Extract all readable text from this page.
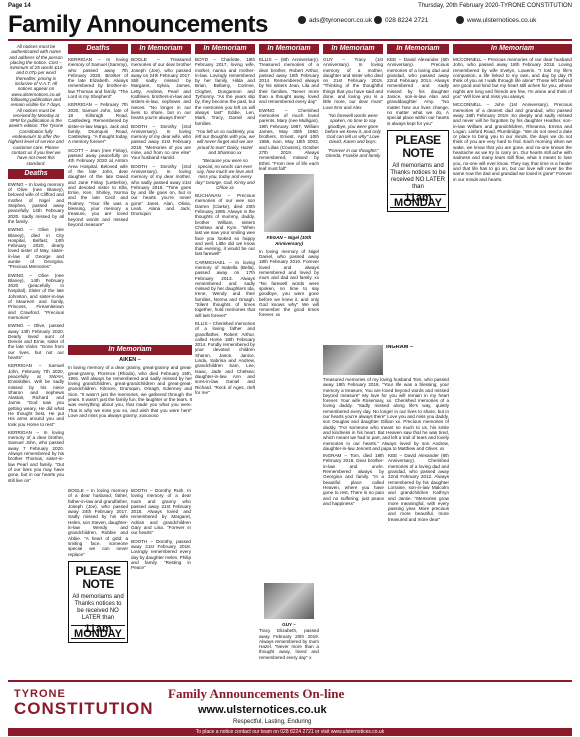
Page 14	Thursday, 20th February 2020-TYRONE CONSTITUTION
Family Announcements	ads@tyronecon.co.uk 028 8224 2721	www.ulsternotices.co.uk

All notices must be authenticated with name and address of the person placing the notice. Cost – minimum of 25 words £10 and 0.07p per word thereafter, pricing is inclusive of V.A.T. All notices appear on www.ulsternotices.co.uk following publication and remain visible for 7 days. All notices must be received by Monday at 5PM for publication in the week's edition. The Tyrone Constitution fully endeavours to offer the highest level of service and customer care. Please contact us if you feel we have not meet this standard.

Deaths

EWING – In loving memory of Olive (nee Blaney), beloved wife of Clifford and mother of Nigel and Stephen, passed away peacefully 14th February 2020. Sadly missed by all the family.

EWING – Olive (née Blaney), died in City Hospital, Belfast, 14th February 2020, dearly loved sister of May, sister-in-law of George and auntie of Georgina. "Precious Memories"

EWING – Olive (nee Blaney), 14th February 2020 (peacefully in hospital). Sister of the late Johnston, and sister-in-law of Maureen and family, Princess, Fireamletown and Crawford. "Precious memories"

EWING – Olive, passed away 14th February 2020. Dearly loved aunt of Dennis and Ernie, sister of the late Violet. "Gone from our lives, but not our hearts"

KERRIGAN – Samuel John, February 7th 2020, peacefully at SWAH, Enniskillen. Will be sadly missed by his niece Sharon and nephews Alastair, Richard and Jamie. "God saw you getting weary, He did what He thought best, He put His arms around you and took you Home to rest"

KERRIGAN – In loving memory of a dear brother, Samuel John, who passed away 7 February 2020. Always remembered by his brother Thomas, sister-in-law Pearl and family. "Out of our lives you may have gone, but in our hearts you still live on"

Deaths

KERRIGAN – In loving memory of Samuel (Sammy), who passed away 7th February 2020. Brother of the late Elizabeth. Always remembered by brother-in-law Thomas and family. "The Lord is my Shepherd"

KERRIGAN – February 7th 2020, Samuel John, late of 18 Killoragh Road, Castlederg. Remembered by sister-in-law Margo, Jack and family, Drumquin Road, Castlederg. "A thought today, A memory forever"

SCOTT – Jean (nee Finlay), passed away peacefully on 4th February 2020 at Antrim Area Hospital. Beloved wife of the late John, dear daughter of the late David and Jane Finlay (Letterbin), and devoted sister to Ella, Ernie, Ken, Shirley, Norma and the late Cecil and Rodney. "Your life was a blessing, your memory a treasure, you are loved beyond words and missed beyond measure"

In Memoriam

BOGLE – Treasured memories of our dear brother Joseph (Joe), who passed away on 24th February 2017. Still sadly missed by Margaret, Sylvia, James, Letty, Andrew, Pearl and Kathleen, brothers-in-law and sisters-in-law, nephews and nieces. "No longer in our lives to share, but in our hearts you're always there"

BOOTH – Dorothy (2nd Anniversary). In loving memory of my dear wife, who passed away 21st February 2018. "Memories of you are mine, and from no one else" Your husband Harold.

BOOTH – Dorothy (2nd Anniversary). In loving memory of my dear mother, who sadly passed away 21st February 2018. "Time goes by and life goes on, but in our hearts you're never gone" Janet, Alan, Olivia, Leah, Alana and Jack, Drumquin

In Memoriam
AIKEN –

In loving memory of a dear granny, great-granny and great-great-granny, Florence (Rhoda), who died February 15th, 1991. Will always be remembered and sadly missed by her loving grandchildren, great-grandchildren and great-great-grandchildren. Kilmore, Drumquin, Omagh, Edenney and Sion. "It wasn't just the memories, we gathered through the years. It wasn't just the family fun, the laughter or the tears. It was everything about you, that made you what you were. That is why we miss you so, and wish that you were here" Love and miss you always granny, xoxoxoxo

BOGLE – In loving memory of a dear husband, father, father-in-law and grandfather, Joseph (Joe), who passed away 24th February 2017. Sadly missed by his wife Helen, son Steven, daughter-in-law Wendy and grandchildren, Robbie and Abbie. "A heart of gold, a smiling face, someone special we can never replace"

PLEASE NOTE
All memoriams and Thanks notices to be received NO LATER than
11am MONDAY

BOOTH – Dorothy Ruth. In loving memory of a dear mum and granny who passed away 21st February 2018. Always loved and remembered by Margaret, Adrian and grandchildren Gary and Lisa. "Forever in our hearts"

BOOTH – Dorothy, passed away 21st February 2018. Lovingly remembered every day by daughter Helen, Philip and family. "Resting in Peace"

In Memoriam

BOYD – Charlotte, 18th February 2017, loving wife, mother, nanna and mother-in-law. Lovingly remembered by her family, Hilda and Brian, Bellamy, Corinne, Clogher, Dungannon and Tyrhonny. "As the years slip by, they become the past, but the memories you left us will always last" Eddie, Len, Mark, Tracy, Daniel and families.

"You left us so suddenly, you left our thoughts with you, we will never forget and we are proud to own" Daisy, Hazel and Shannon xx

"Because you were so special, no words can ever say, how much we love and miss you, today and every day" George, Gail, Kirsty and Chloe xx

BUCHANAN – Precious memories of our wee son Darren (Clarke), died 20th February 1985. Always in the thoughts of mummy, daddy, brother William, sisters Chelsea and Kym. "When last we saw your smiling wee face you looked so happy and well. Little did we know that evening, it would be our last farewell"

CARMICHAEL – In loving memory of Isabella (Bella), passed away on 17th February 2013. Always remembered and sadly missed by her daughters Ida, Irene, Wendy and their families, Norma and Omagh. "Silent thoughts of times together, hold memories that will last forever"

ELLIS – Cherished memories of a loving father and grandfather, Robert Arthur, called Home 18th February 2014. Fondly remembered by your devoted children Sharon, Jason, Janice, Linda, Sabrina and Andrew, grandchildren Sam, Lee, Isaac, Jade and Chelsea; daughter-in-law Ann and sons-in-law Daniel and Richard. "Rock of Ages, cleft for me"

In Memoriam

ELLIS – (6th Anniversary). Treasured memories of a dear brother, Robert Arthur, passed away 18th February 2014. Remembered always by his sisters Jean, Lila and their families. "Never more than a thought away, loved and remembered every day"

EWING – Cherished memories of much loved parents, Mary (nee Mulligan), 19th February 1987, William James, May 30th 1950, brothers, Ernest, April 10th 1986, Ivan, May 18th 2003, and Lilias (Cousins), October 27th 2019. Always remembered, missed by Ethel. "From tree of life each leaf must fall"

FEGAN – Nigel (10th Anniversary)

In loving memory of Nigel Daniel, who passed away 18th February 2010. Forever loved and always remembered and loved by mum and dad and family. xx "No farewell words were spoken, no time to say goodbye, you were gone before we knew it, and only God knows why" We will remember the good times forever. xx

In Memoriam

GUY – Tracy (1st Anniversary). In loving memory of a mother, daughter and sister who died on 21st February 2019. "Thinking of the thoughtful things that you have said and done, and loving you is a little more, our dear mum" Love Emr and Alex

"No farewell words were spoken, no time to say goodbye, you were gone before we knew it, and only God can tell us why" Love David, Karen and boys.

"Forever in our thoughts" Glenda, Frankie and family

In Memoriam

KEE – David Alexander (6th Anniversary). Precious memories of a loving dad and grandad, who passed away 22nd February 2014. Always remembered and sadly missed by his daughter Janice, son-in-law Alan and granddaughter Amy. "No matter how our lives change, no matter what we do, A special place within our hearts is always kept for you"

PLEASE NOTE
All memoriams and Thanks notices to be received NO LATER than
11am MONDAY
In Memoriam

MCCONNELL – Precious memories of our dear husband John, who passed away 18th February 2018. Loving remembered by wife Evelyn, Lowerin. "I lost my life's companion, a life linked to my own, and day by day I'll think of you as I walk through life alone" Those left behind are good and kind but my heart still aches for you, whose nights are long and friends are few, I'm alone and think of you" Will love and miss you always.

MCCONNELL – John (1st Anniversary). Precious memories of a dearest dad and grandad, who passed away 18th February 2019. So deeply and sadly missed and never will be forgotten by his daughter Heather, son-in-law William and grandchildren, Rheanna, Emma and Logan. Lisford Road, Plumbridge. "We do not need a date or place to bring you to our minds, the days we do not think of you are very hard to find. Each morning when we wake, we know that you are gone, and no-one knows the heartache as we try to carry on. Our hearts still ache with sadness and many tears still flow, what it meant to lose you, no-one will ever know. They say that time is a healer and that life has to go on, but our love will never be the same now the dad and grandad we loved is gone" Forever in our minds and hearts.

INGRAM –

Treasured memories of my loving husband Tom, who passed away 19th February 2018. "Your life was a blessing, your memory a treasure, You are loved beyond words and missed beyond measure" My love for you will remain in my heart forever. Your wife Rosemary, xx. Cherished memories of a loving daddy. "Sadly missed along life's way, quietly remembered every day. No longer in our lives to share, but in our hearts you're always there" Love you and miss you daddy, son Douglas and daughter Gillian xx. Precious memories of daddy. "For someone who meant so much to us, his smile and kindness in his heart. But Heaven saw that he was tired, which meant we had to part, and left a trail of tears and lovely memories in our hearts." Always loved by son Andrew, daughter-in-law Jennett and papa to Matthew and Oliver. xx

INGRAM – Tom, died 19th February 2018. Dear brother-in-law and uncle. Remembered always by Georgina and family. "In a beautiful place called Heaven, where you have gone to rest, There is no pain and no suffering, just peace and happiness"

KEE – David Alexander (6th Anniversary). Cherished memories of a loving dad and grandad, who passed away 22nd February 2012. Always remembered by his daughter Lorraine, son-in-law Malcolm and grandchildren Kathryn and Jamie. "Memories grow more meaningful, with every passing year. More precious and more beautiful, more treasured and more dear"

GUY –

Tracy Elizabeth, passed away February 20th 2019. Always remembered by mum Hazel. "Never more than a thought away, loved and remembered every day" x

TYRONE
CONSTITUTION
Family Announcements On-line
www.ulsternotices.co.uk
Respectful, Lasting, Enduring
To place a notice contact our team on 028 8224 2721 or visit www.ulsternotices.co.uk
